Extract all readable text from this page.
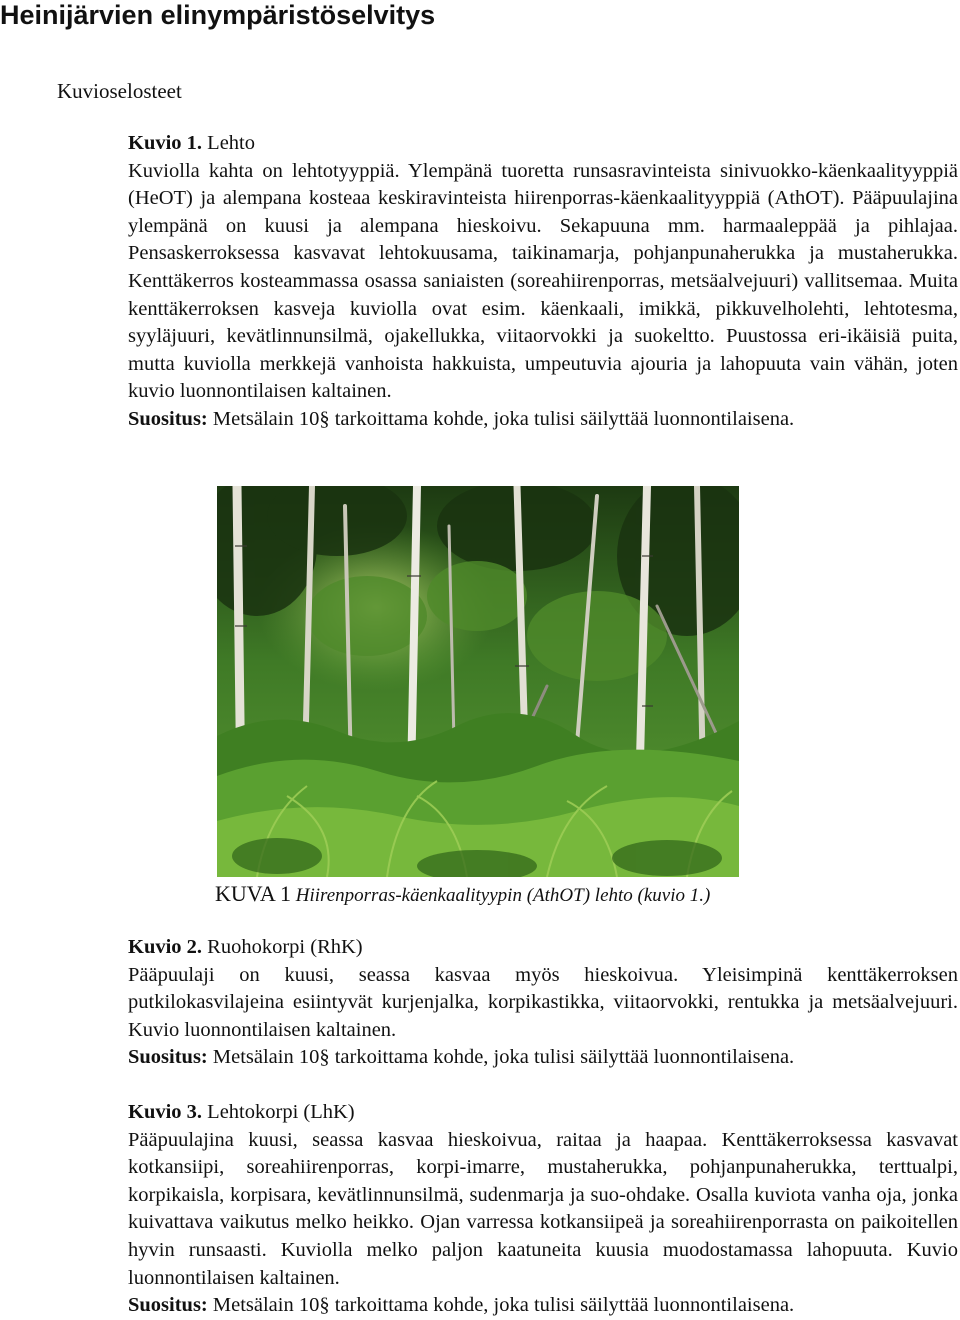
Heinijärvien elinympäristöselvitys

Kuvioselosteet

Kuvio 1. Lehto

Kuviolla kahta on lehtotyyppiä. Ylempänä tuoretta runsasravinteista sinivuokko-käenkaalityyppiä (HeOT) ja alempana kosteaa keskiravinteista hiirenporras-käenkaalityyppiä (AthOT). Pääpuulajina ylempänä on kuusi ja alempana hieskoivu. Sekapuuna mm. harmaaleppää ja pihlajaa. Pensaskerroksessa kasvavat lehtokuusama, taikinamarja, pohjanpunaherukka ja mustaherukka. Kenttäkerros kosteammassa osassa saniaisten (soreahiirenporras, metsäalvejuuri) vallitsemaa. Muita kenttäkerroksen kasveja kuviolla ovat esim. käenkaali, imikkä, pikkuvelholehti, lehtotesma, syyläjuuri, kevätlinnunsilmä, ojakellukka, viitaorvokki ja suokeltto. Puustossa eri-ikäisiä puita, mutta kuviolla merkkejä vanhoista hakkuista, umpeutuvia ajouria ja lahopuuta vain vähän, joten kuvio luonnontilaisen kaltainen.

Suositus: Metsälain 10§ tarkoittama kohde, joka tulisi säilyttää luonnontilaisena.

KUVA 1 Hiirenporras-käenkaalityypin (AthOT) lehto (kuvio 1.)

Kuvio 2. Ruohokorpi (RhK)

Pääpuulaji on kuusi, seassa kasvaa myös hieskoivua. Yleisimpinä kenttäkerroksen putkilokasvilajeina esiintyvät kurjenjalka, korpikastikka, viitaorvokki, rentukka ja metsäalvejuuri. Kuvio luonnontilaisen kaltainen.

Suositus: Metsälain 10§ tarkoittama kohde, joka tulisi säilyttää luonnontilaisena.

Kuvio 3. Lehtokorpi (LhK)

Pääpuulajina kuusi, seassa kasvaa hieskoivua, raitaa ja haapaa. Kenttäkerroksessa kasvavat kotkansiipi, soreahiirenporras, korpi-imarre, mustaherukka, pohjanpunaherukka, terttualpi, korpikaisla, korpisara, kevätlinnunsilmä, sudenmarja ja suo-ohdake. Osalla kuviota vanha oja, jonka kuivattava vaikutus melko heikko. Ojan varressa kotkansiipeä ja soreahiirenporrasta on paikoitellen hyvin runsaasti. Kuviolla melko paljon kaatuneita kuusia muodostamassa lahopuuta. Kuvio luonnontilaisen kaltainen.

Suositus: Metsälain 10§ tarkoittama kohde, joka tulisi säilyttää luonnontilaisena.
